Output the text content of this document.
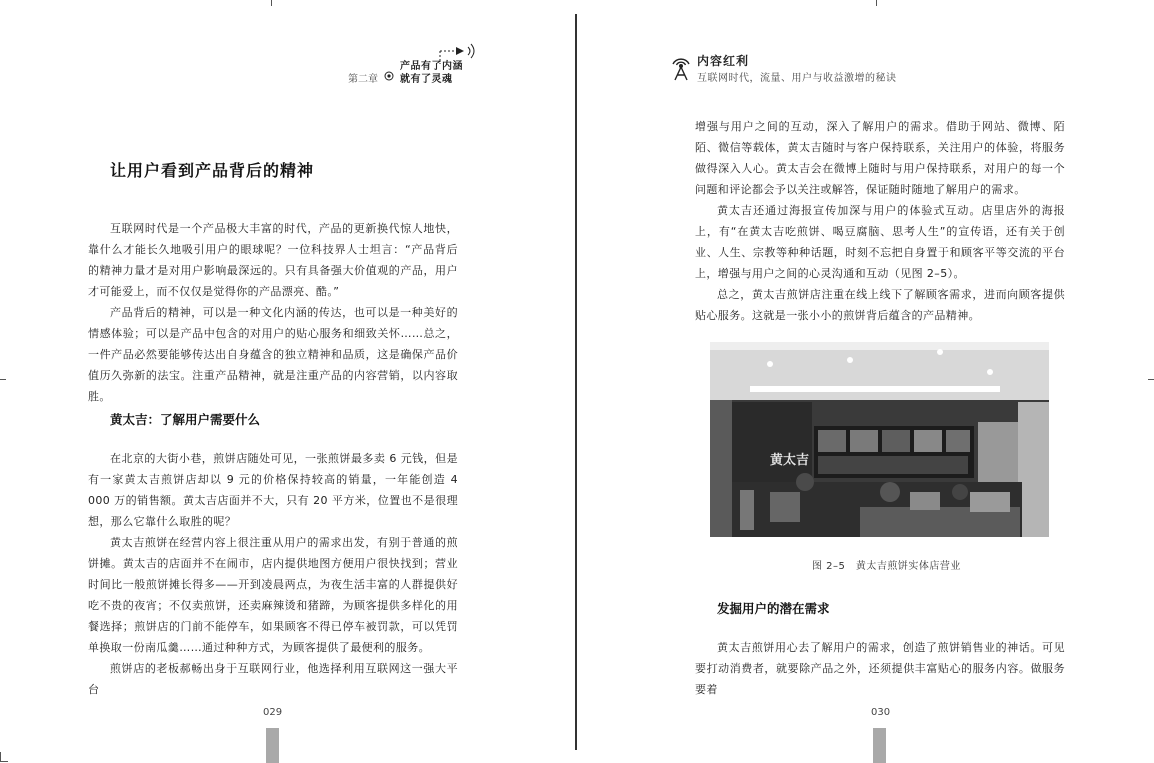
产品有了内涵
第二章 就有了灵魂
让用户看到产品背后的精神

互联网时代是一个产品极大丰富的时代，产品的更新换代惊人地快，靠什么才能长久地吸引用户的眼球呢？一位科技界人士坦言：“产品背后的精神力量才是对用户影响最深远的。只有具备强大价值观的产品，用户才可能爱上，而不仅仅是觉得你的产品漂亮、酷。”

产品背后的精神，可以是一种文化内涵的传达，也可以是一种美好的情感体验；可以是产品中包含的对用户的贴心服务和细致关怀……总之，一件产品必然要能够传达出自身蕴含的独立精神和品质，这是确保产品价值历久弥新的法宝。注重产品精神，就是注重产品的内容营销，以内容取胜。

黄太吉：了解用户需要什么

在北京的大街小巷，煎饼店随处可见，一张煎饼最多卖 6 元钱，但是有一家黄太吉煎饼店却以 9 元的价格保持较高的销量，一年能创造 4 000 万的销售额。黄太吉店面并不大，只有 20 平方米，位置也不是很理想，那么它靠什么取胜的呢？

黄太吉煎饼在经营内容上很注重从用户的需求出发，有别于普通的煎饼摊。黄太吉的店面并不在闹市，店内提供地图方便用户很快找到；营业时间比一般煎饼摊长得多——开到凌晨两点，为夜生活丰富的人群提供好吃不贵的夜宵；不仅卖煎饼，还卖麻辣烫和猪蹄，为顾客提供多样化的用餐选择；煎饼店的门前不能停车，如果顾客不得已停车被罚款，可以凭罚单换取一份南瓜羹……通过种种方式，为顾客提供了最便利的服务。

煎饼店的老板郝畅出身于互联网行业，他选择利用互联网这一强大平台

029
内容红利
互联网时代，流量、用户与收益激增的秘诀

增强与用户之间的互动，深入了解用户的需求。借助于网站、微博、陌陌、微信等载体，黄太吉随时与客户保持联系，关注用户的体验，将服务做得深入人心。黄太吉会在微博上随时与用户保持联系，对用户的每一个问题和评论都会予以关注或解答，保证随时随地了解用户的需求。

黄太吉还通过海报宣传加深与用户的体验式互动。店里店外的海报上，有“在黄太吉吃煎饼、喝豆腐脑、思考人生”的宣传语，还有关于创业、人生、宗教等种种话题，时刻不忘把自身置于和顾客平等交流的平台上，增强与用户之间的心灵沟通和互动（见图 2–5）。

总之，黄太吉煎饼店注重在线上线下了解顾客需求，进而向顾客提供贴心服务。这就是一张小小的煎饼背后蕴含的产品精神。

黄太吉
图 2–5　黄太吉煎饼实体店营业
发掘用户的潜在需求

黄太吉煎饼用心去了解用户的需求，创造了煎饼销售业的神话。可见要打动消费者，就要除产品之外，还须提供丰富贴心的服务内容。做服务要着

030
